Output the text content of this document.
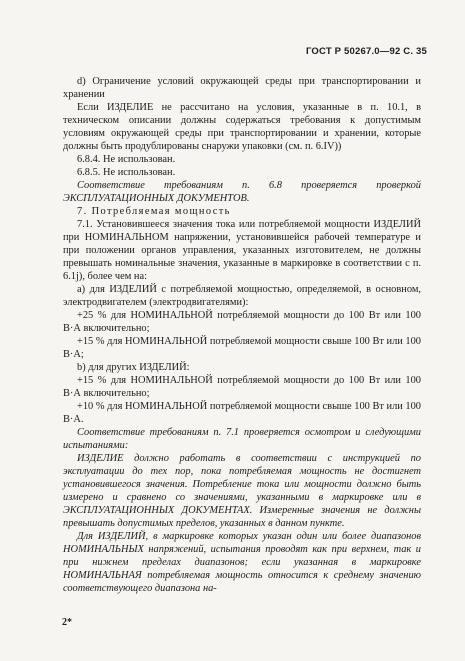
ГОСТ Р 50267.0—92 С. 35

d) Ограничение условий окружающей среды при транспортировании и хранении

Если ИЗДЕЛИЕ не рассчитано на условия, указанные в п. 10.1, в техническом описании должны содержаться требования к допустимым условиям окружающей среды при транспортировании и хранении, которые должны быть продублированы снаружи упаковки (см. п. 6.IV))

6.8.4. Не использован.

6.8.5. Не использован.

Соответствие требованиям п. 6.8 проверяется проверкой ЭКСПЛУАТАЦИОННЫХ ДОКУМЕНТОВ.

7. Потребляемая мощность

7.1. Установившееся значения тока или потребляемой мощности ИЗДЕЛИЙ при НОМИНАЛЬНОМ напряжении, установившейся рабочей температуре и при положении органов управления, указанных изготовителем, не должны превышать номинальные значения, указанные в маркировке в соответствии с п. 6.1j), более чем на:

а) для ИЗДЕЛИЙ с потребляемой мощностью, определяемой, в основном, электродвигателем (электродвигателями):

+25 % для НОМИНАЛЬНОЙ потребляемой мощности до 100 Вт или 100 В·А включительно;

+15 % для НОМИНАЛЬНОЙ потребляемой мощности свыше 100 Вт или 100 В·А;

b) для других ИЗДЕЛИЙ:

+15 % для НОМИНАЛЬНОЙ потребляемой мощности до 100 Вт или 100 В·А включительно;

+10 % для НОМИНАЛЬНОЙ потребляемой мощности свыше 100 Вт или 100 В·А.

Соответствие требованиям п. 7.1 проверяется осмотром и следующими испытаниями:

ИЗДЕЛИЕ должно работать в соответствии с инструкцией по эксплуатации до тех пор, пока потребляемая мощность не достигнет установившегося значения. Потребление тока или мощности должно быть измерено и сравнено со значениями, указанными в маркировке или в ЭКСПЛУАТАЦИОННЫХ ДОКУМЕНТАХ. Измеренные значения не должны превышать допустимых пределов, указанных в данном пункте.

Для ИЗДЕЛИЙ, в маркировке которых указан один или более диапазонов НОМИНАЛЬНЫХ напряжений, испытания проводят как при верхнем, так и при нижнем пределах диапазонов; если указанная в маркировке НОМИНАЛЬНАЯ потребляемая мощность относится к среднему значению соответствующего диапазона на-

2*
